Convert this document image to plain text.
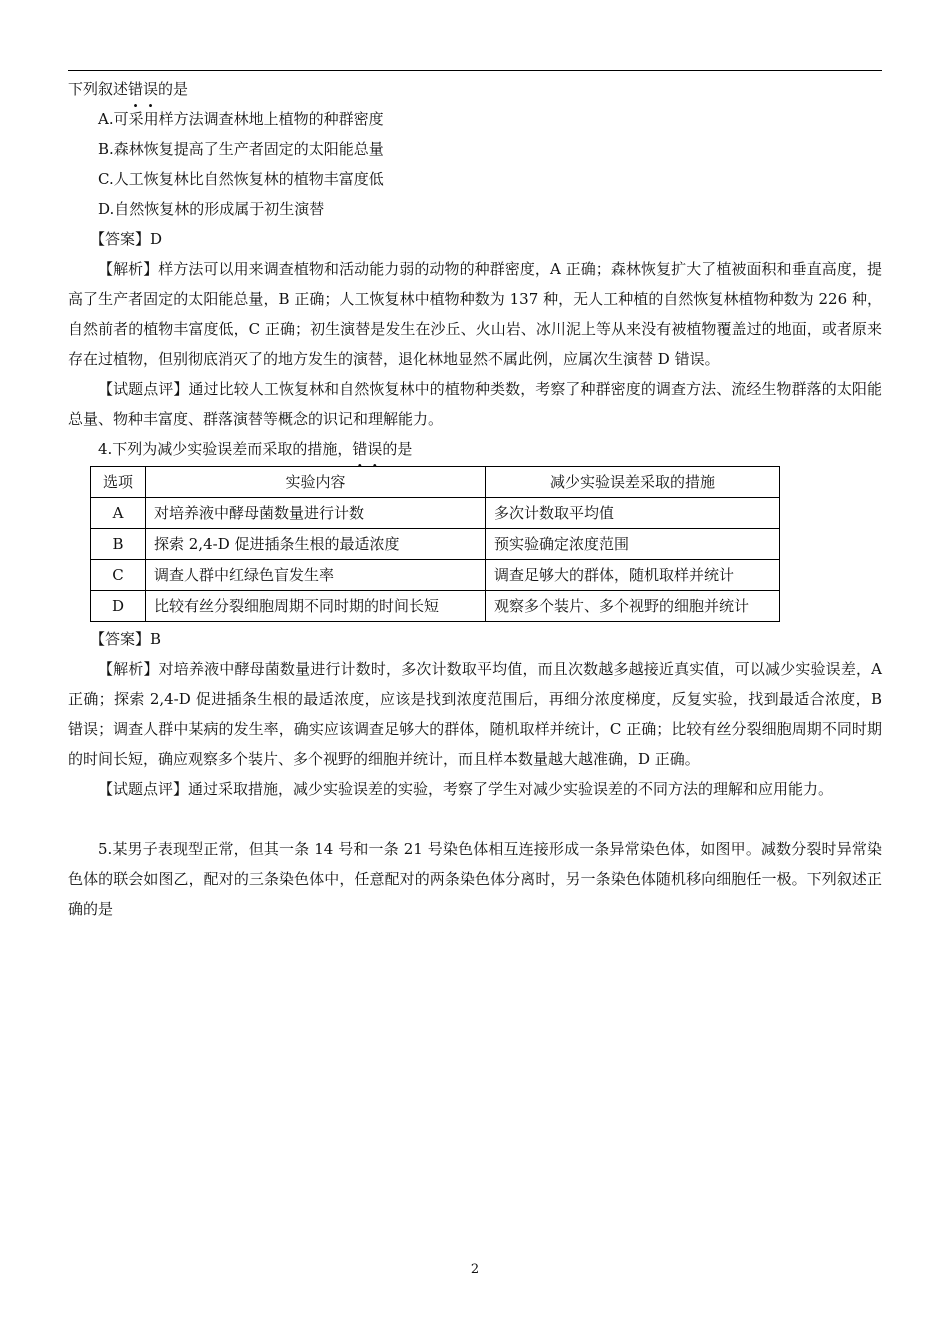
下列叙述错误的是

A.可采用样方法调查林地上植物的种群密度

B.森林恢复提高了生产者固定的太阳能总量

C.人工恢复林比自然恢复林的植物丰富度低

D.自然恢复林的形成属于初生演替

【答案】D

【解析】样方法可以用来调查植物和活动能力弱的动物的种群密度，A 正确；森林恢复扩大了植被面积和垂直高度，提高了生产者固定的太阳能总量，B 正确；人工恢复林中植物种数为 137 种，无人工种植的自然恢复林植物种数为 226 种，自然前者的植物丰富度低，C 正确；初生演替是发生在沙丘、火山岩、冰川泥上等从来没有被植物覆盖过的地面，或者原来存在过植物，但别彻底消灭了的地方发生的演替，退化林地显然不属此例，应属次生演替 D 错误。

【试题点评】通过比较人工恢复林和自然恢复林中的植物种类数，考察了种群密度的调查方法、流经生物群落的太阳能总量、物种丰富度、群落演替等概念的识记和理解能力。

4.下列为减少实验误差而采取的措施，错误的是

选项	实验内容	减少实验误差采取的措施
A	对培养液中酵母菌数量进行计数	多次计数取平均值
B	探索 2,4-D 促进插条生根的最适浓度	预实验确定浓度范围
C	调查人群中红绿色盲发生率	调查足够大的群体，随机取样并统计
D	比较有丝分裂细胞周期不同时期的时间长短	观察多个装片、多个视野的细胞并统计

【答案】B

【解析】对培养液中酵母菌数量进行计数时，多次计数取平均值，而且次数越多越接近真实值，可以减少实验误差，A 正确；探索 2,4-D 促进插条生根的最适浓度，应该是找到浓度范围后，再细分浓度梯度，反复实验，找到最适合浓度，B 错误；调查人群中某病的发生率，确实应该调查足够大的群体，随机取样并统计，C 正确；比较有丝分裂细胞周期不同时期的时间长短，确应观察多个装片、多个视野的细胞并统计，而且样本数量越大越准确，D 正确。

【试题点评】通过采取措施，减少实验误差的实验，考察了学生对减少实验误差的不同方法的理解和应用能力。

5.某男子表现型正常，但其一条 14 号和一条 21 号染色体相互连接形成一条异常染色体，如图甲。减数分裂时异常染色体的联会如图乙，配对的三条染色体中，任意配对的两条染色体分离时，另一条染色体随机移向细胞任一极。下列叙述正确的是

2
